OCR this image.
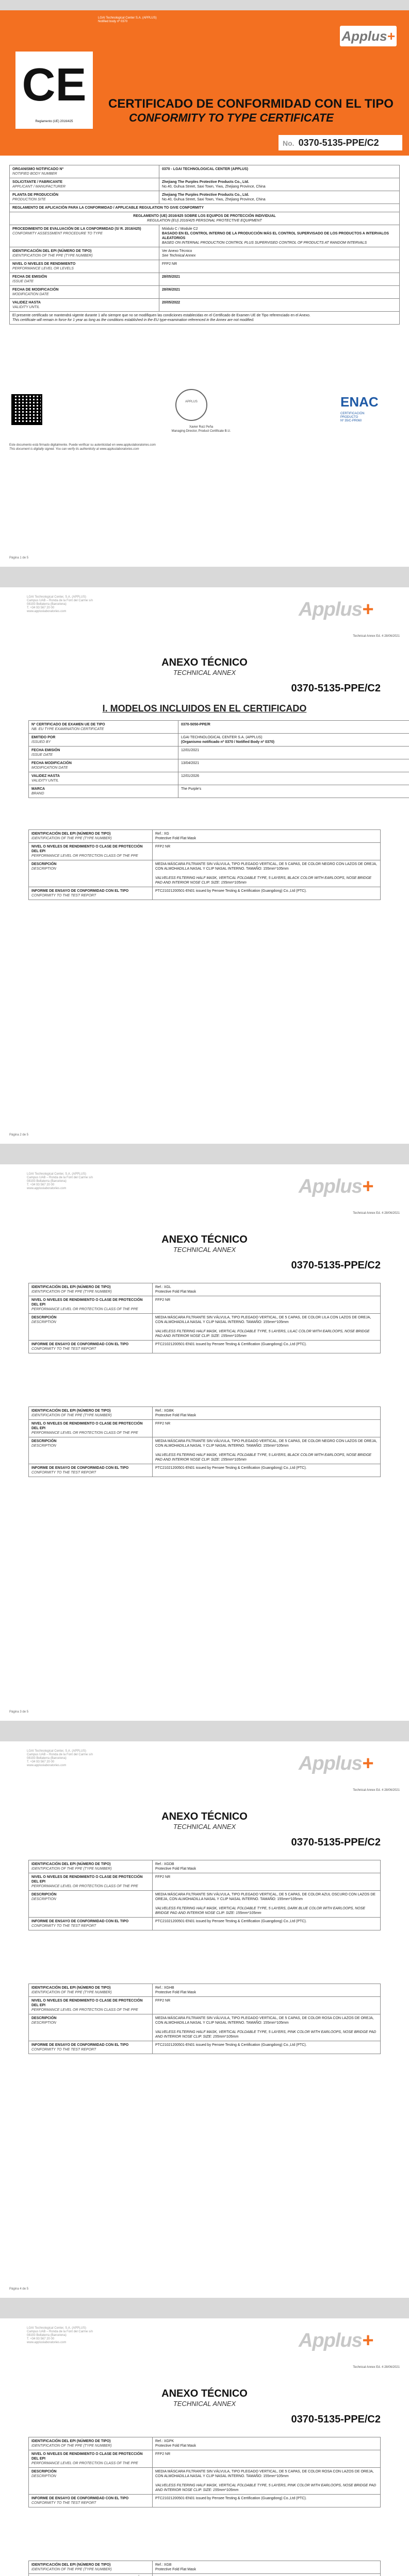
LGAI Technological Center S.A. (APPLUS)
Notified body nº 0370
Applus+
CE
Reglamento (UE) 2016/425
CERTIFICADO DE CONFORMIDAD CON EL TIPO
CONFORMITY TO TYPE CERTIFICATE
No. 0370-5135-PPE/C2
ORGANISMO NOTIFICADO Nº
NOTIFIED BODY NUMBER	0370 - LGAI TECHNOLOGICAL CENTER (APPLUS)
SOLICITANTE / FABRICANTE
APPLICANT / MANUFACTURER	Zhejiang The Purples Protective Products Co., Ltd.
No.40, Guhua Street, Saxi Town, Yiwu, Zhejiang Province, China
PLANTA DE PRODUCCIÓN
PRODUCTION SITE	Zhejiang The Purples Protective Products Co., Ltd.
No.40, Guhua Street, Saxi Town, Yiwu, Zhejiang Province, China
REGLAMENTO DE APLICACIÓN PARA LA CONFORMIDAD / APPLICABLE REGULATION TO GIVE CONFORMITY	
REGLAMENTO (UE) 2016/425 SOBRE LOS EQUIPOS DE PROTECCIÓN INDIVIDUAL
REGULATION (EU) 2016/425 PERSONAL PROTECTIVE EQUIPMENT	
PROCEDIMIENTO DE EVALUACIÓN DE LA CONFORMIDAD (S/ R. 2016/425)
CONFORMITY ASSESSMENT PROCEDURE TO TYPE	Módulo C / Module C2
BASADO EN EL CONTROL INTERNO DE LA PRODUCCIÓN MÁS EL CONTROL SUPERVISADO DE LOS PRODUCTOS A INTERVALOS ALEATORIOS
BASED ON INTERNAL PRODUCTION CONTROL PLUS SUPERVISED CONTROL OF PRODUCTS AT RANDOM INTERVALS
IDENTIFICACIÓN DEL EPI (NÚMERO DE TIPO)
IDENTIFICATION OF THE PPE (TYPE NUMBER)	Ver Anexo Técnico
See Technical Annex
NIVEL O NIVELES DE RENDIMIENTO
PERFORMANCE LEVEL OR LEVELS	FFP2 NR
FECHA DE EMISIÓN
ISSUE DATE	28/05/2021
FECHA DE MODIFICACIÓN
MODIFICATION DATE	28/06/2021
VALIDEZ HASTA
VALIDITY UNTIL	20/05/2022
El presente certificado se mantendrá vigente durante 1 año siempre que no se modifiquen las condiciones establecidas en el Certificado de Examen UE de Tipo referenciado en el Anexo.
This certificate will remain in force for 1 year as long as the conditions established in the EU type-examination referenced in the Annex are not modified.	
APPLUS
Xavier Ruiz Peña
Managing Director, Product Certificate B.U.
ENAC
CERTIFICACIÓN
PRODUCTO
Nº 35/C-PR060
Este documento está firmado digitalmente. Puede verificar su autenticidad en www.appluslaboratories.com
This document is digitally signed. You can verify its authenticity at www.appluslaboratories.com
Página 1 de 5
LGAI Technological Center, S.A. (APPLUS)
Campus UAB – Ronda de la Font del Carme s/n
08193 Bellaterra (Barcelona)
T. +34 93 567 20 00
www.appluslaboratories.com	Applus+
Technical Annex Ed. 4 28/06/2021
ANEXO TÉCNICO
TECHNICAL ANNEX
0370-5135-PPE/C2
I. MODELOS INCLUIDOS EN EL CERTIFICADO
Nº CERTIFICADO DE EXAMEN UE DE TIPO
NB. EU TYPE EXAMINATION CERTIFICATE	0370-5050-PPE/R
EMITIDO POR
ISSUED BY	LGAI TECHNOLOGICAL CENTER S.A. (APPLUS)
(Organismo notificado nº 0370 / Notified Body nº 0370)
FECHA EMISIÓN
ISSUE DATE	12/01/2021
FECHA MODIFICACIÓN
MODIFICATION DATE	13/04/2021
VALIDEZ HASTA
VALIDITY UNTIL	12/01/2026
MARCA
BRAND	The Purple's
IDENTIFICACIÓN DEL EPI (NÚMERO DE TIPO)
IDENTIFICATION OF THE PPE (TYPE NUMBER)	Ref.: XG
Protective Fold Flat Mask
NIVEL O NIVELES DE RENDIMIENTO O CLASE DE PROTECCIÓN DEL EPI
PERFORMANCE LEVEL OR PROTECTION CLASS OF THE PPE	FFP2 NR
DESCRIPCIÓN
DESCRIPTION	MEDIA MÁSCARA FILTRANTE SIN VÁLVULA, TIPO PLEGADO VERTICAL, DE 5 CAPAS, DE COLOR NEGRO CON LAZOS DE OREJA, CON ALMOHADILLA NASAL Y CLIP NASAL INTERNO. TAMAÑO: 155mm*105mm

VALVELESS FILTERING HALF MASK, VERTICAL FOLDABLE TYPE, 5 LAYERS, BLACK COLOR WITH EARLOOPS, NOSE BRIDGE PAD AND INTERIOR NOSE CLIP. SIZE: 155mm*105mm
INFORME DE ENSAYO DE CONFORMIDAD CON EL TIPO
CONFORMITY TO THE TEST REPORT	PTC21021200501-EN01 issued by Pensee Testing & Certification (Guangdong) Co.,Ltd (PTC).
Página 2 de 5
LGAI Technological Center, S.A. (APPLUS)
Campus UAB – Ronda de la Font del Carme s/n
08193 Bellaterra (Barcelona)
T. +34 93 567 20 00
www.appluslaboratories.com	Applus+
Technical Annex Ed. 4 28/06/2021
ANEXO TÉCNICO
TECHNICAL ANNEX
0370-5135-PPE/C2
IDENTIFICACIÓN DEL EPI (NÚMERO DE TIPO)
IDENTIFICATION OF THE PPE (TYPE NUMBER)	Ref.: XGL
Protective Fold Flat Mask
NIVEL O NIVELES DE RENDIMIENTO O CLASE DE PROTECCIÓN DEL EPI
PERFORMANCE LEVEL OR PROTECTION CLASS OF THE PPE	FFP2 NR
DESCRIPCIÓN
DESCRIPTION	MEDIA MÁSCARA FILTRANTE SIN VÁLVULA, TIPO PLEGADO VERTICAL, DE 5 CAPAS, DE COLOR LILA CON LAZOS DE OREJA, CON ALMOHADILLA NASAL Y CLIP NASAL INTERNO. TAMAÑO: 155mm*105mm

VALVELESS FILTERING HALF MASK, VERTICAL FOLDABLE TYPE, 5 LAYERS, LILAC COLOR WITH EARLOOPS, NOSE BRIDGE PAD AND INTERIOR NOSE CLIP. SIZE: 155mm*105mm
INFORME DE ENSAYO DE CONFORMIDAD CON EL TIPO
CONFORMITY TO THE TEST REPORT	PTC21021200501-EN01 issued by Pensee Testing & Certification (Guangdong) Co.,Ltd (PTC).
IDENTIFICACIÓN DEL EPI (NÚMERO DE TIPO)
IDENTIFICATION OF THE PPE (TYPE NUMBER)	Ref.: XGBK
Protective Fold Flat Mask
NIVEL O NIVELES DE RENDIMIENTO O CLASE DE PROTECCIÓN DEL EPI
PERFORMANCE LEVEL OR PROTECTION CLASS OF THE PPE	FFP2 NR
DESCRIPCIÓN
DESCRIPTION	MEDIA MÁSCARA FILTRANTE SIN VÁLVULA, TIPO PLEGADO VERTICAL, DE 5 CAPAS, DE COLOR NEGRO CON LAZOS DE OREJA, CON ALMOHADILLA NASAL Y CLIP NASAL INTERNO. TAMAÑO: 155mm*105mm

VALVELESS FILTERING HALF MASK, VERTICAL FOLDABLE TYPE, 5 LAYERS, BLACK COLOR WITH EARLOOPS, NOSE BRIDGE PAD AND INTERIOR NOSE CLIP. SIZE: 155mm*105mm
INFORME DE ENSAYO DE CONFORMIDAD CON EL TIPO
CONFORMITY TO THE TEST REPORT	PTC21021200501-EN01 issued by Pensee Testing & Certification (Guangdong) Co.,Ltd (PTC).
Página 3 de 5
LGAI Technological Center, S.A. (APPLUS)
Campus UAB – Ronda de la Font del Carme s/n
08193 Bellaterra (Barcelona)
T. +34 93 567 20 00
www.appluslaboratories.com	Applus+
Technical Annex Ed. 4 28/06/2021
ANEXO TÉCNICO
TECHNICAL ANNEX
0370-5135-PPE/C2
IDENTIFICACIÓN DEL EPI (NÚMERO DE TIPO)
IDENTIFICATION OF THE PPE (TYPE NUMBER)	Ref.: XGDB
Protective Fold Flat Mask
NIVEL O NIVELES DE RENDIMIENTO O CLASE DE PROTECCIÓN DEL EPI
PERFORMANCE LEVEL OR PROTECTION CLASS OF THE PPE	FFP2 NR
DESCRIPCIÓN
DESCRIPTION	MEDIA MÁSCARA FILTRANTE SIN VÁLVULA, TIPO PLEGADO VERTICAL, DE 5 CAPAS, DE COLOR AZUL OSCURO CON LAZOS DE OREJA, CON ALMOHADILLA NASAL Y CLIP NASAL INTERNO. TAMAÑO: 155mm*105mm

VALVELESS FILTERING HALF MASK, VERTICAL FOLDABLE TYPE, 5 LAYERS, DARK BLUE COLOR WITH EARLOOPS, NOSE BRIDGE PAD AND INTERIOR NOSE CLIP. SIZE: 155mm*105mm
INFORME DE ENSAYO DE CONFORMIDAD CON EL TIPO
CONFORMITY TO THE TEST REPORT	PTC21021200501-EN01 issued by Pensee Testing & Certification (Guangdong) Co.,Ltd (PTC).
IDENTIFICACIÓN DEL EPI (NÚMERO DE TIPO)
IDENTIFICATION OF THE PPE (TYPE NUMBER)	Ref.: XGHB
Protective Fold Flat Mask
NIVEL O NIVELES DE RENDIMIENTO O CLASE DE PROTECCIÓN DEL EPI
PERFORMANCE LEVEL OR PROTECTION CLASS OF THE PPE	FFP2 NR
DESCRIPCIÓN
DESCRIPTION	MEDIA MÁSCARA FILTRANTE SIN VÁLVULA, TIPO PLEGADO VERTICAL, DE 5 CAPAS, DE COLOR ROSA CON LAZOS DE OREJA, CON ALMOHADILLA NASAL Y CLIP NASAL INTERNO. TAMAÑO: 155mm*105mm

VALVELESS FILTERING HALF MASK, VERTICAL FOLDABLE TYPE, 5 LAYERS, PINK COLOR WITH EARLOOPS, NOSE BRIDGE PAD AND INTERIOR NOSE CLIP. SIZE: 155mm*105mm
INFORME DE ENSAYO DE CONFORMIDAD CON EL TIPO
CONFORMITY TO THE TEST REPORT	PTC21021200501-EN01 issued by Pensee Testing & Certification (Guangdong) Co.,Ltd (PTC).
Página 4 de 5
LGAI Technological Center, S.A. (APPLUS)
Campus UAB – Ronda de la Font del Carme s/n
08193 Bellaterra (Barcelona)
T. +34 93 567 20 00
www.appluslaboratories.com	Applus+
Technical Annex Ed. 4 28/06/2021
ANEXO TÉCNICO
TECHNICAL ANNEX
0370-5135-PPE/C2
IDENTIFICACIÓN DEL EPI (NÚMERO DE TIPO)
IDENTIFICATION OF THE PPE (TYPE NUMBER)	Ref.: XGPK
Protective Fold Flat Mask
NIVEL O NIVELES DE RENDIMIENTO O CLASE DE PROTECCIÓN DEL EPI
PERFORMANCE LEVEL OR PROTECTION CLASS OF THE PPE	FFP2 NR
DESCRIPCIÓN
DESCRIPTION	MEDIA MÁSCARA FILTRANTE SIN VÁLVULA, TIPO PLEGADO VERTICAL, DE 5 CAPAS, DE COLOR ROSA CON LAZOS DE OREJA, CON ALMOHADILLA NASAL Y CLIP NASAL INTERNO. TAMAÑO: 155mm*105mm

VALVELESS FILTERING HALF MASK, VERTICAL FOLDABLE TYPE, 5 LAYERS, PINK COLOR WITH EARLOOPS, NOSE BRIDGE PAD AND INTERIOR NOSE CLIP. SIZE: 155mm*105mm
INFORME DE ENSAYO DE CONFORMIDAD CON EL TIPO
CONFORMITY TO THE TEST REPORT	PTC21021200501-EN01 issued by Pensee Testing & Certification (Guangdong) Co.,Ltd (PTC).
IDENTIFICACIÓN DEL EPI (NÚMERO DE TIPO)
IDENTIFICATION OF THE PPE (TYPE NUMBER)	Ref.: XGB
Protective Fold Flat Mask
